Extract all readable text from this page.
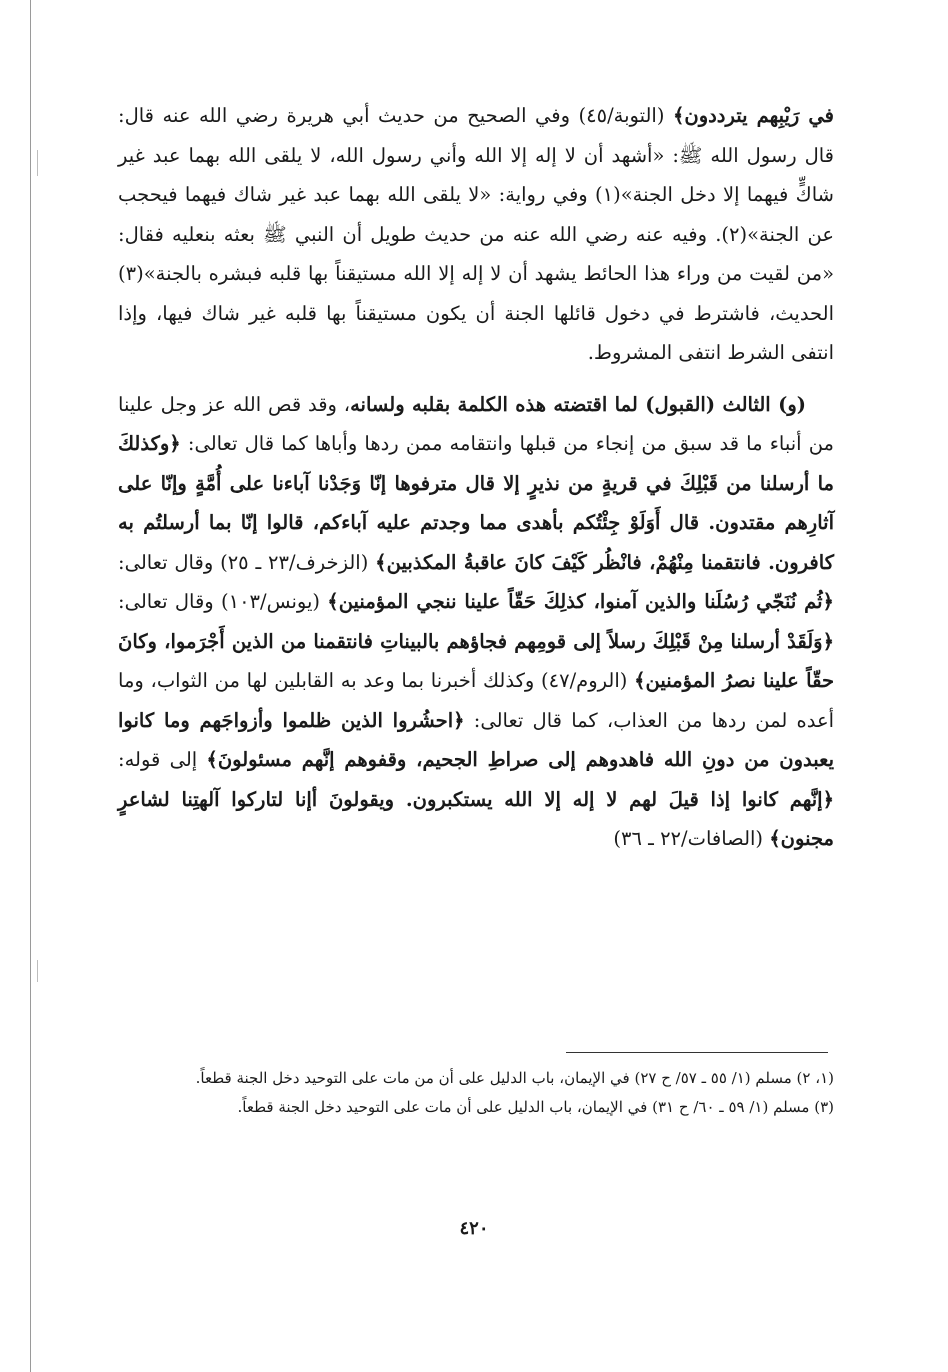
في رَيْبِهم يترددون﴾ (التوبة/٤٥) وفي الصحيح من حديث أبي هريرة رضي الله عنه قال: قال رسول الله ﷺ: «أشهد أن لا إله إلا الله وأني رسول الله، لا يلقى الله بهما عبد غير شاكٍّ فيهما إلا دخل الجنة»(١) وفي رواية: «لا يلقى الله بهما عبد غير شاك فيهما فيحجب عن الجنة»(٢). وفيه عنه رضي الله عنه من حديث طويل أن النبي ﷺ بعثه بنعليه فقال: «من لقيت من وراء هذا الحائط يشهد أن لا إله إلا الله مستيقناً بها قلبه فبشره بالجنة»(٣) الحديث، فاشترط في دخول قائلها الجنة أن يكون مستيقناً بها قلبه غير شاك فيها، وإذا انتفى الشرط انتفى المشروط.

(و) الثالث (القبول) لما اقتضته هذه الكلمة بقلبه ولسانه، وقد قص الله عز وجل علينا من أنباء ما قد سبق من إنجاء من قبلها وانتقامه ممن ردها وأباها كما قال تعالى: ﴿وكذلكَ ما أرسلنا من قَبْلِكَ في قريةٍ من نذيرٍ إلا قال مترفوها إنّا وَجَدْنا آباءنا على أُمَّةٍ وإنّا على آثارِهم مقتدون. قال أَوَلَوْ جِئْتُكم بأهدى مما وجدتم عليه آباءكم، قالوا إنّا بما أرسلتُم به كافرون. فانتقمنا مِنْهُمْ، فانْظُر كَيْفَ كانَ عاقبةُ المكذبين﴾ (الزخرف/٢٣ ـ ٢٥) وقال تعالى: ﴿ثُم نُنَجّي رُسُلَنا والذين آمنوا، كذلِكَ حَقّاً علينا ننجي المؤمنين﴾ (يونس/١٠٣) وقال تعالى: ﴿وَلَقَدْ أرسلنا مِنْ قَبْلِكَ رسلاً إلى قومِهم فجاؤهم بالبيناتِ فانتقمنا من الذين أَجْرَموا، وكانَ حقّاً علينا نصرُ المؤمنين﴾ (الروم/٤٧) وكذلك أخبرنا بما وعد به القابلين لها من الثواب، وما أعده لمن ردها من العذاب، كما قال تعالى: ﴿احشُروا الذين ظلموا وأزواجَهم وما كانوا يعبدون من دونِ الله فاهدوهم إلى صراطِ الجحيم، وقفوهم إنَّهم مسئولونَ﴾ إلى قوله: ﴿إنَّهم كانوا إذا قيلَ لهم لا إله إلا الله يستكبرون. ويقولونَ أإنا لتاركوا آلهتِنا لشاعرٍ مجنون﴾ (الصافات/٢٢ ـ ٣٦)

(١، ٢) مسلم (١/ ٥٥ ـ ٥٧/ ح ٢٧) في الإيمان، باب الدليل على أن من مات على التوحيد دخل الجنة قطعاً.

(٣) مسلم (١/ ٥٩ ـ ٦٠/ ح ٣١) في الإيمان، باب الدليل على أن مات على التوحيد دخل الجنة قطعاً.

٤٢٠
